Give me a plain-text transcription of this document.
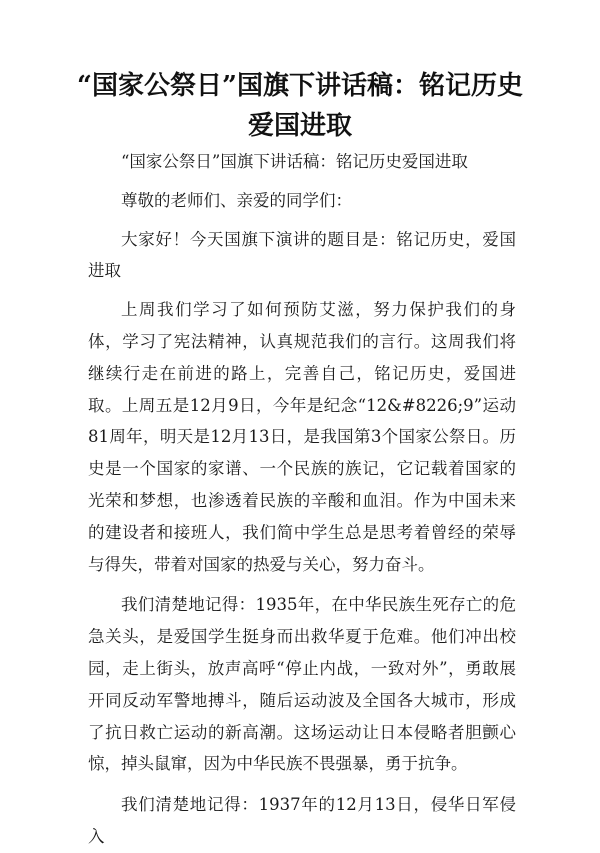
“国家公祭日”国旗下讲话稿：铭记历史 爱国进取

“国家公祭日”国旗下讲话稿：铭记历史爱国进取

尊敬的老师们、亲爱的同学们：

大家好！今天国旗下演讲的题目是：铭记历史，爱国进取

上周我们学习了如何预防艾滋，努力保护我们的身体，学习了宪法精神，认真规范我们的言行。这周我们将继续行走在前进的路上，完善自己，铭记历史，爱国进取。上周五是12月9日，今年是纪念“12&#8226;9”运动81周年，明天是12月13日，是我国第3个国家公祭日。历史是一个国家的家谱、一个民族的族记，它记载着国家的光荣和梦想，也渗透着民族的辛酸和血泪。作为中国未来的建设者和接班人，我们简中学生总是思考着曾经的荣辱与得失，带着对国家的热爱与关心，努力奋斗。

我们清楚地记得：1935年，在中华民族生死存亡的危急关头，是爱国学生挺身而出救华夏于危难。他们冲出校园，走上街头，放声高呼“停止内战，一致对外”，勇敢展开同反动军警地搏斗，随后运动波及全国各大城市，形成了抗日救亡运动的新高潮。这场运动让日本侵略者胆颤心惊，掉头鼠窜，因为中华民族不畏强暴，勇于抗争。

我们清楚地记得：1937年的12月13日，侵华日军侵入
